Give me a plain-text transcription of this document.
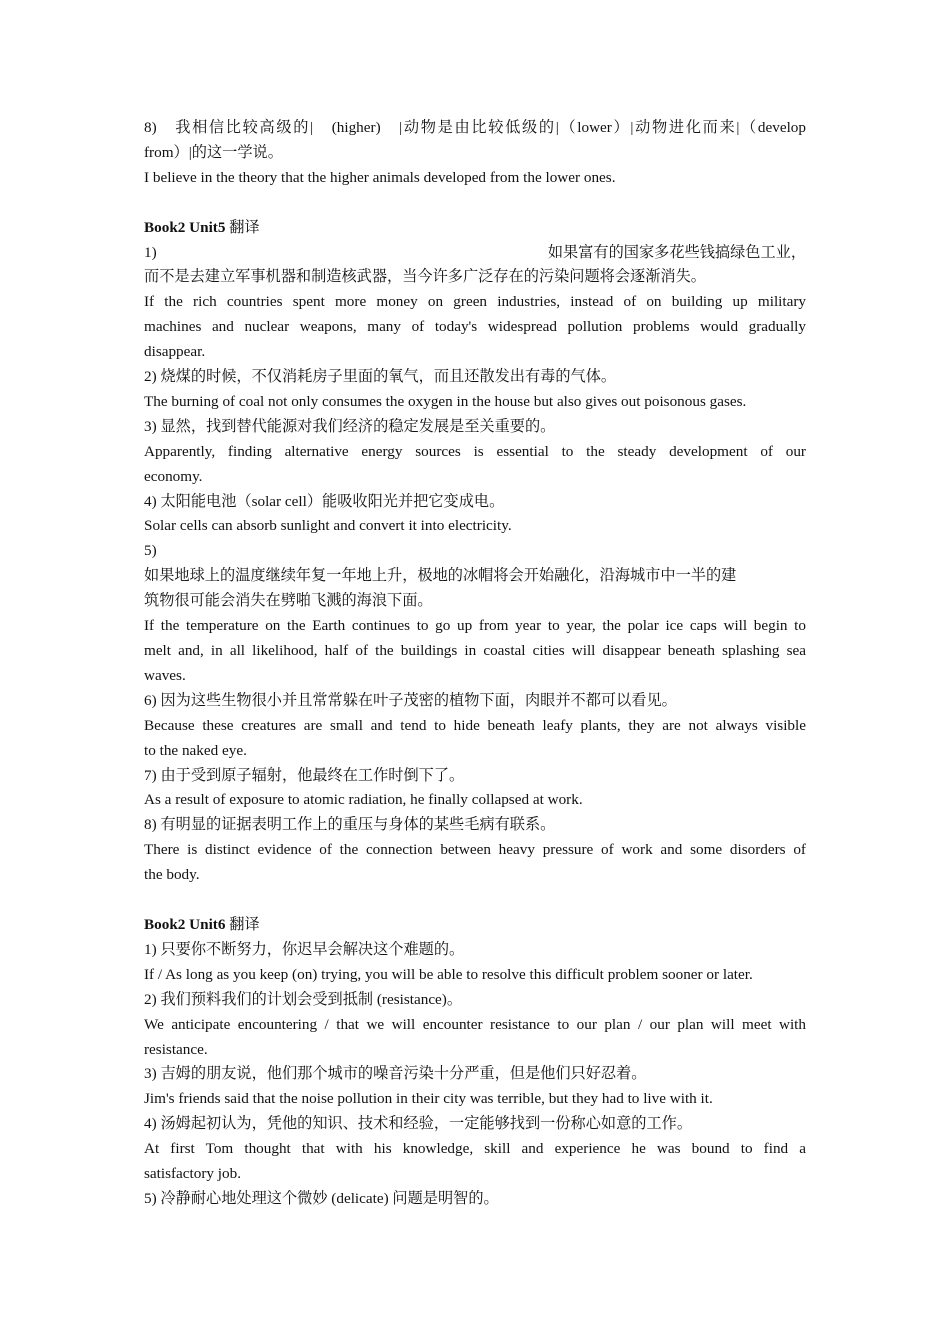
8)　我相信比较高级的|　(higher)　|动物是由比较低级的|（lower）|动物进化而来|（develop
from）|的这一学说。
I believe in the theory that the higher animals developed from the lower ones.
Book2 Unit5 翻译
1)	如果富有的国家多花些钱搞绿色工业，
而不是去建立军事机器和制造核武器，当今许多广泛存在的污染问题将会逐渐消失。
If the rich countries spent more money on green industries, instead of on building up military
machines and nuclear weapons, many of today's widespread pollution problems would gradually
disappear.
2) 烧煤的时候，不仅消耗房子里面的氧气，而且还散发出有毒的气体。
The burning of coal not only consumes the oxygen in the house but also gives out poisonous gases.
3) 显然，找到替代能源对我们经济的稳定发展是至关重要的。
Apparently, finding alternative energy sources is essential to the steady development of our
economy.
4) 太阳能电池（solar cell）能吸收阳光并把它变成电。
Solar cells can absorb sunlight and convert it into electricity.
5)
如果地球上的温度继续年复一年地上升，极地的冰帽将会开始融化，沿海城市中一半的建
筑物很可能会消失在劈啪飞溅的海浪下面。
If the temperature on the Earth continues to go up from year to year, the polar ice caps will begin to
melt and, in all likelihood, half of the buildings in coastal cities will disappear beneath splashing sea
waves.
6) 因为这些生物很小并且常常躲在叶子茂密的植物下面，肉眼并不都可以看见。
Because these creatures are small and tend to hide beneath leafy plants, they are not always visible
to the naked eye.
7) 由于受到原子辐射，他最终在工作时倒下了。
As a result of exposure to atomic radiation, he finally collapsed at work.
8) 有明显的证据表明工作上的重压与身体的某些毛病有联系。
There is distinct evidence of the connection between heavy pressure of work and some disorders of
the body.
Book2 Unit6 翻译
1) 只要你不断努力，你迟早会解决这个难题的。
If / As long as you keep (on) trying, you will be able to resolve this difficult problem sooner or later.
2) 我们预料我们的计划会受到抵制 (resistance)。
We anticipate encountering / that we will encounter resistance to our plan / our plan will meet with
resistance.
3) 吉姆的朋友说，他们那个城市的噪音污染十分严重，但是他们只好忍着。
Jim's friends said that the noise pollution in their city was terrible, but they had to live with it.
4) 汤姆起初认为，凭他的知识、技术和经验，一定能够找到一份称心如意的工作。
At first Tom thought that with his knowledge, skill and experience he was bound to find a
satisfactory job.
5) 冷静耐心地处理这个微妙 (delicate) 问题是明智的。
